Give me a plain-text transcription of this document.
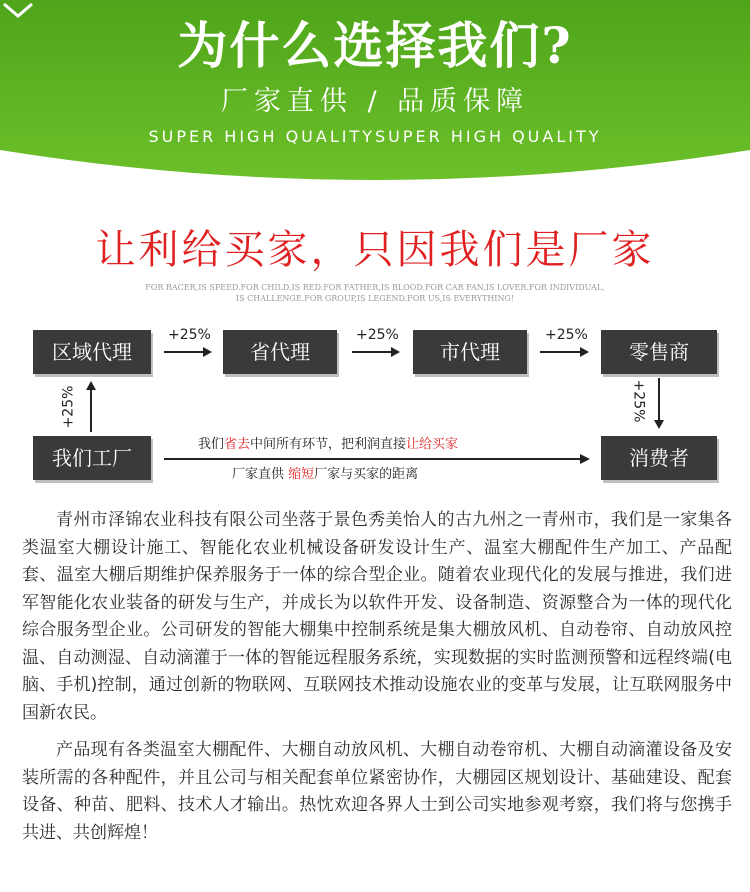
为什么选择我们?
厂家直供 / 品质保障
SUPER HIGH QUALITYSUPER HIGH QUALITY
让利给买家，只因我们是厂家
FOR RACER,IS SPEED.FOR CHILD,IS RED.FOR FATHER,IS BLOOD.FOR CAR FAN,IS LOVER.FOR INDIVIDUAL,
IS CHALLENGE.FOR GROUP,IS LEGEND.FOR US,IS EVERYTHING!
区域代理	省代理	市代理	零售商
我们工厂	消费者
+25%	+25%	+25%
+25%	+25%
我们省去中间所有环节，把利润直接让给买家
厂家直供 缩短厂家与买家的距离

青州市泽锦农业科技有限公司坐落于景色秀美怡人的古九州之一青州市，我们是一家集各类温室大棚设计施工、智能化农业机械设备研发设计生产、温室大棚配件生产加工、产品配套、温室大棚后期维护保养服务于一体的综合型企业。随着农业现代化的发展与推进，我们进军智能化农业装备的研发与生产，并成长为以软件开发、设备制造、资源整合为一体的现代化综合服务型企业。公司研发的智能大棚集中控制系统是集大棚放风机、自动卷帘、自动放风控温、自动测湿、自动滴灌于一体的智能远程服务系统，实现数据的实时监测预警和远程终端(电脑、手机)控制，通过创新的物联网、互联网技术推动设施农业的变革与发展，让互联网服务中国新农民。

产品现有各类温室大棚配件、大棚自动放风机、大棚自动卷帘机、大棚自动滴灌设备及安装所需的各种配件，并且公司与相关配套单位紧密协作，大棚园区规划设计、基础建设、配套设备、种苗、肥料、技术人才输出。热忱欢迎各界人士到公司实地参观考察，我们将与您携手共进、共创辉煌！
